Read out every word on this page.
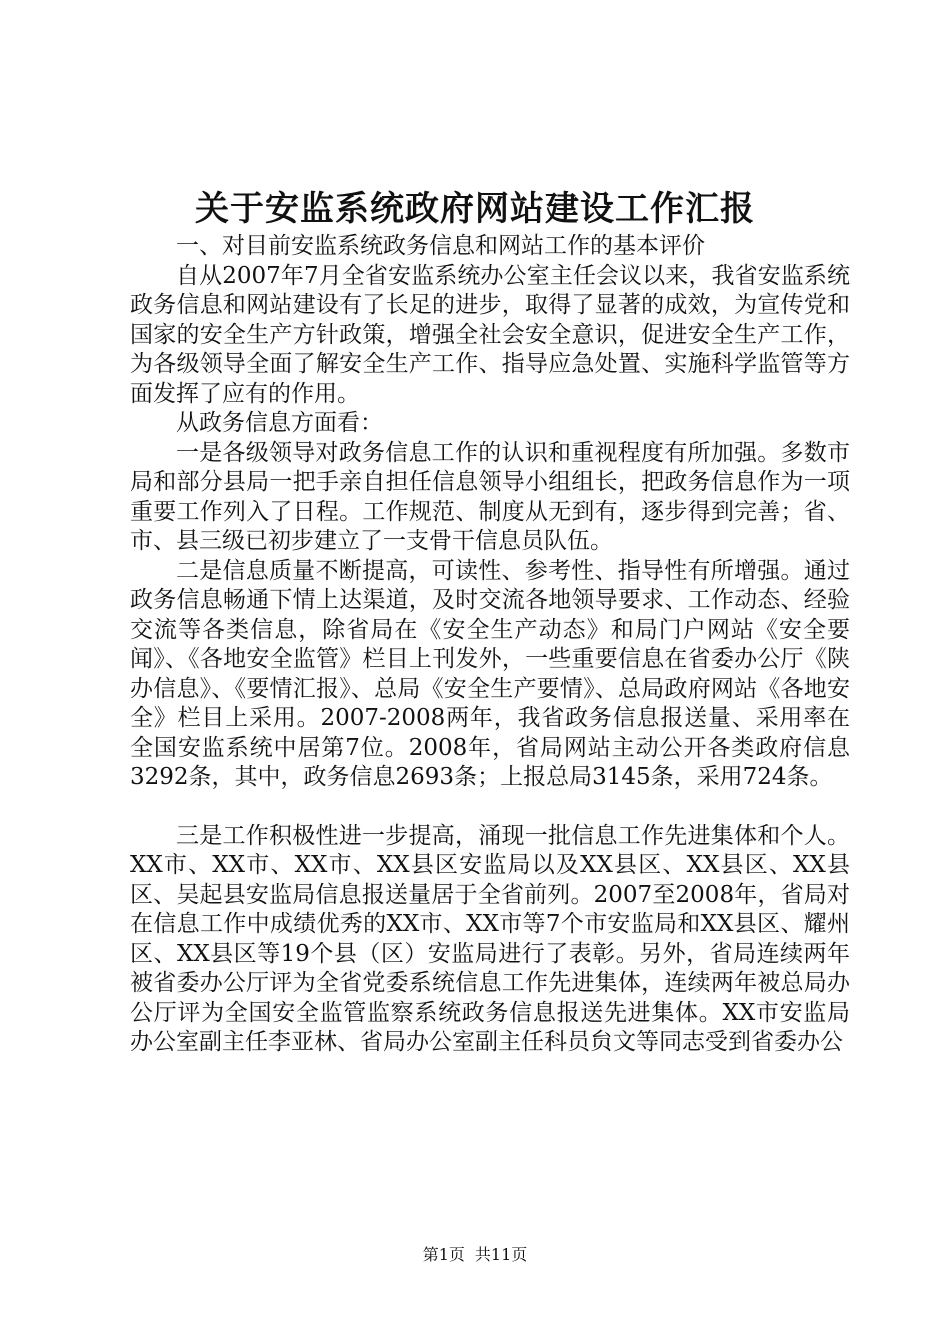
关于安监系统政府网站建设工作汇报

一、对目前安监系统政务信息和网站工作的基本评价

自从2007年7月全省安监系统办公室主任会议以来，我省安监系统政务信息和网站建设有了长足的进步，取得了显著的成效，为宣传党和国家的安全生产方针政策，增强全社会安全意识，促进安全生产工作，为各级领导全面了解安全生产工作、指导应急处置、实施科学监管等方面发挥了应有的作用。

从政务信息方面看：

一是各级领导对政务信息工作的认识和重视程度有所加强。多数市局和部分县局一把手亲自担任信息领导小组组长，把政务信息作为一项重要工作列入了日程。工作规范、制度从无到有，逐步得到完善；省、市、县三级已初步建立了一支骨干信息员队伍。

二是信息质量不断提高，可读性、参考性、指导性有所增强。通过政务信息畅通下情上达渠道，及时交流各地领导要求、工作动态、经验交流等各类信息，除省局在《安全生产动态》和局门户网站《安全要闻》、《各地安全监管》栏目上刊发外，一些重要信息在省委办公厅《陕办信息》、《要情汇报》、总局《安全生产要情》、总局政府网站《各地安全》栏目上采用。2007-2008两年，我省政务信息报送量、采用率在全国安监系统中居第7位。2008年，省局网站主动公开各类政府信息3292条，其中，政务信息2693条；上报总局3145条，采用724条。

三是工作积极性进一步提高，涌现一批信息工作先进集体和个人。XX市、XX市、XX市、XX县区安监局以及XX县区、XX县区、XX县区、吴起县安监局信息报送量居于全省前列。2007至2008年，省局对在信息工作中成绩优秀的XX市、XX市等7个市安监局和XX县区、耀州区、XX县区等19个县（区）安监局进行了表彰。另外，省局连续两年被省委办公厅评为全省党委系统信息工作先进集体，连续两年被总局办公厅评为全国安全监管监察系统政务信息报送先进集体。XX市安监局办公室副主任李亚林、省局办公室副主任科员贠文等同志受到省委办公

第1页 共11页
